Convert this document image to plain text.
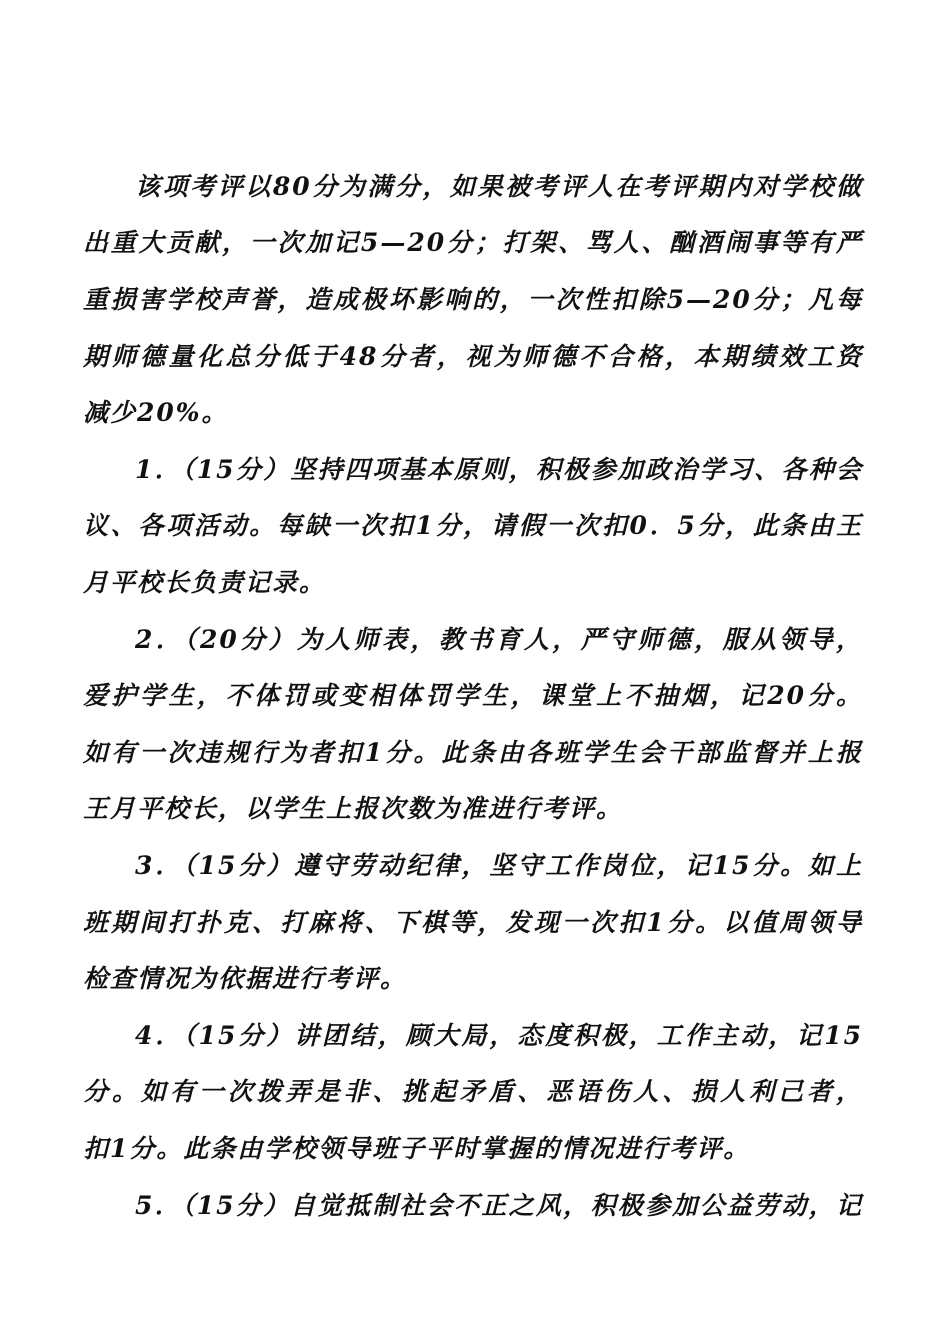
该项考评以80分为满分，如果被考评人在考评期内对学校做
出重大贡献，一次加记5—20分；打架、骂人、酗酒闹事等有严
重损害学校声誉，造成极坏影响的，一次性扣除5—20分；凡每
期师德量化总分低于48分者，视为师德不合格，本期绩效工资
减少20%。
1．（15分）坚持四项基本原则，积极参加政治学习、各种会
议、各项活动。每缺一次扣1分，请假一次扣0．5分，此条由王
月平校长负责记录。
2．（20分）为人师表，教书育人，严守师德，服从领导，
爱护学生，不体罚或变相体罚学生，课堂上不抽烟，记20分。
如有一次违规行为者扣1分。此条由各班学生会干部监督并上报
王月平校长，以学生上报次数为准进行考评。
3．（15分）遵守劳动纪律，坚守工作岗位，记15分。如上
班期间打扑克、打麻将、下棋等，发现一次扣1分。以值周领导
检查情况为依据进行考评。
4．（15分）讲团结，顾大局，态度积极，工作主动，记15
分。如有一次拨弄是非、挑起矛盾、恶语伤人、损人利己者，
扣1分。此条由学校领导班子平时掌握的情况进行考评。
5．（15分）自觉抵制社会不正之风，积极参加公益劳动，记
